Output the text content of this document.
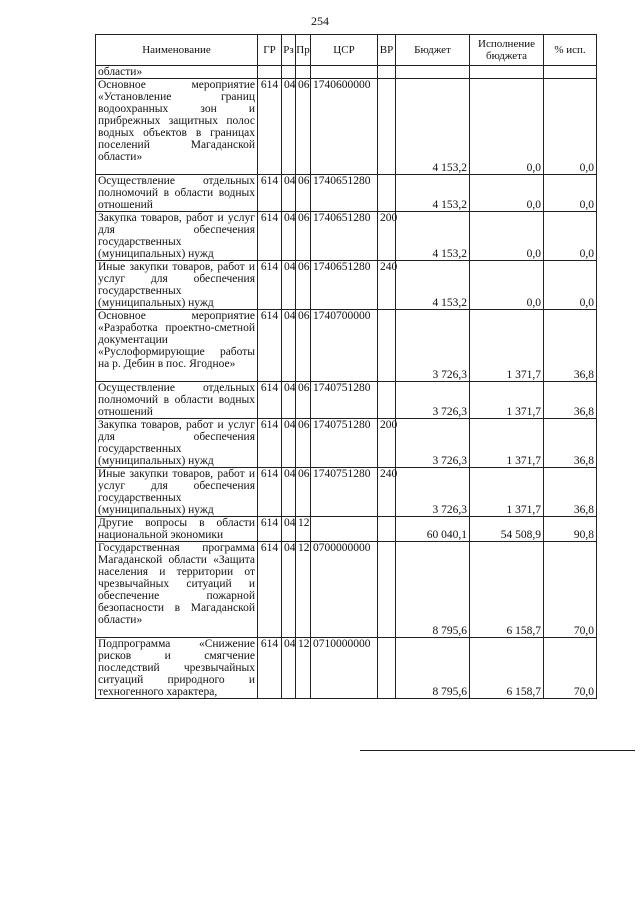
254
Наименование	ГР	Рз	Пр	ЦСР	ВР	Бюджет	Исполнение бюджета	% исп.
области»								
Основное мероприятие «Установление границ водоохранных зон и прибрежных защитных полос водных объектов в границах поселений Магаданской области»	614	04	06	1740600000		4 153,2	0,0	0,0
Осуществление отдельных полномочий в области водных отношений	614	04	06	1740651280		4 153,2	0,0	0,0
Закупка товаров, работ и услуг для обеспечения государственных (муниципальных) нужд	614	04	06	1740651280	200	4 153,2	0,0	0,0
Иные закупки товаров, работ и услуг для обеспечения государственных (муниципальных) нужд	614	04	06	1740651280	240	4 153,2	0,0	0,0
Основное мероприятие «Разработка проектно-сметной документации «Руслоформирующие работы на р. Дебин в пос. Ягодное»	614	04	06	1740700000		3 726,3	1 371,7	36,8
Осуществление отдельных полномочий в области водных отношений	614	04	06	1740751280		3 726,3	1 371,7	36,8
Закупка товаров, работ и услуг для обеспечения государственных (муниципальных) нужд	614	04	06	1740751280	200	3 726,3	1 371,7	36,8
Иные закупки товаров, работ и услуг для обеспечения государственных (муниципальных) нужд	614	04	06	1740751280	240	3 726,3	1 371,7	36,8
Другие вопросы в области национальной экономики	614	04	12			60 040,1	54 508,9	90,8
Государственная программа Магаданской области «Защита населения и территории от чрезвычайных ситуаций и обеспечение пожарной безопасности в Магаданской области»	614	04	12	0700000000		8 795,6	6 158,7	70,0
Подпрограмма «Снижение рисков и смягчение последствий чрезвычайных ситуаций природного и техногенного характера,	614	04	12	0710000000		8 795,6	6 158,7	70,0
